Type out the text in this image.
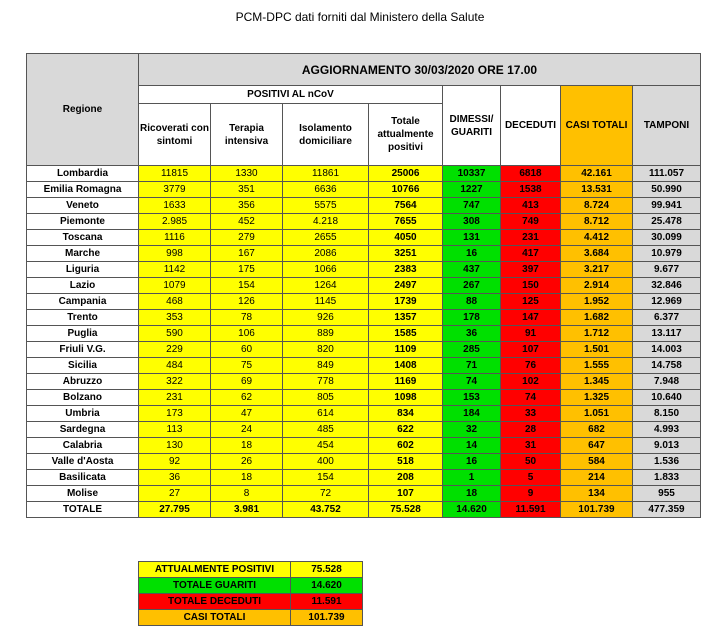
PCM-DPC dati forniti dal Ministero della Salute
Regione	AGGIORNAMENTO 30/03/2020 ORE 17.00							
	POSITIVI AL nCoV				DIMESSI/ GUARITI	DECEDUTI	CASI TOTALI	TAMPONI
	Ricoverati con sintomi	Terapia intensiva	Isolamento domiciliare	Totale attualmente positivi				
Lombardia	11815	1330	11861	25006	10337	6818	42.161	111.057
Emilia Romagna	3779	351	6636	10766	1227	1538	13.531	50.990
Veneto	1633	356	5575	7564	747	413	8.724	99.941
Piemonte	2.985	452	4.218	7655	308	749	8.712	25.478
Toscana	1116	279	2655	4050	131	231	4.412	30.099
Marche	998	167	2086	3251	16	417	3.684	10.979
Liguria	1142	175	1066	2383	437	397	3.217	9.677
Lazio	1079	154	1264	2497	267	150	2.914	32.846
Campania	468	126	1145	1739	88	125	1.952	12.969
Trento	353	78	926	1357	178	147	1.682	6.377
Puglia	590	106	889	1585	36	91	1.712	13.117
Friuli V.G.	229	60	820	1109	285	107	1.501	14.003
Sicilia	484	75	849	1408	71	76	1.555	14.758
Abruzzo	322	69	778	1169	74	102	1.345	7.948
Bolzano	231	62	805	1098	153	74	1.325	10.640
Umbria	173	47	614	834	184	33	1.051	8.150
Sardegna	113	24	485	622	32	28	682	4.993
Calabria	130	18	454	602	14	31	647	9.013
Valle d'Aosta	92	26	400	518	16	50	584	1.536
Basilicata	36	18	154	208	1	5	214	1.833
Molise	27	8	72	107	18	9	134	955
TOTALE	27.795	3.981	43.752	75.528	14.620	11.591	101.739	477.359
ATTUALMENTE POSITIVI	75.528
TOTALE GUARITI	14.620
TOTALE DECEDUTI	11.591
CASI TOTALI	101.739
